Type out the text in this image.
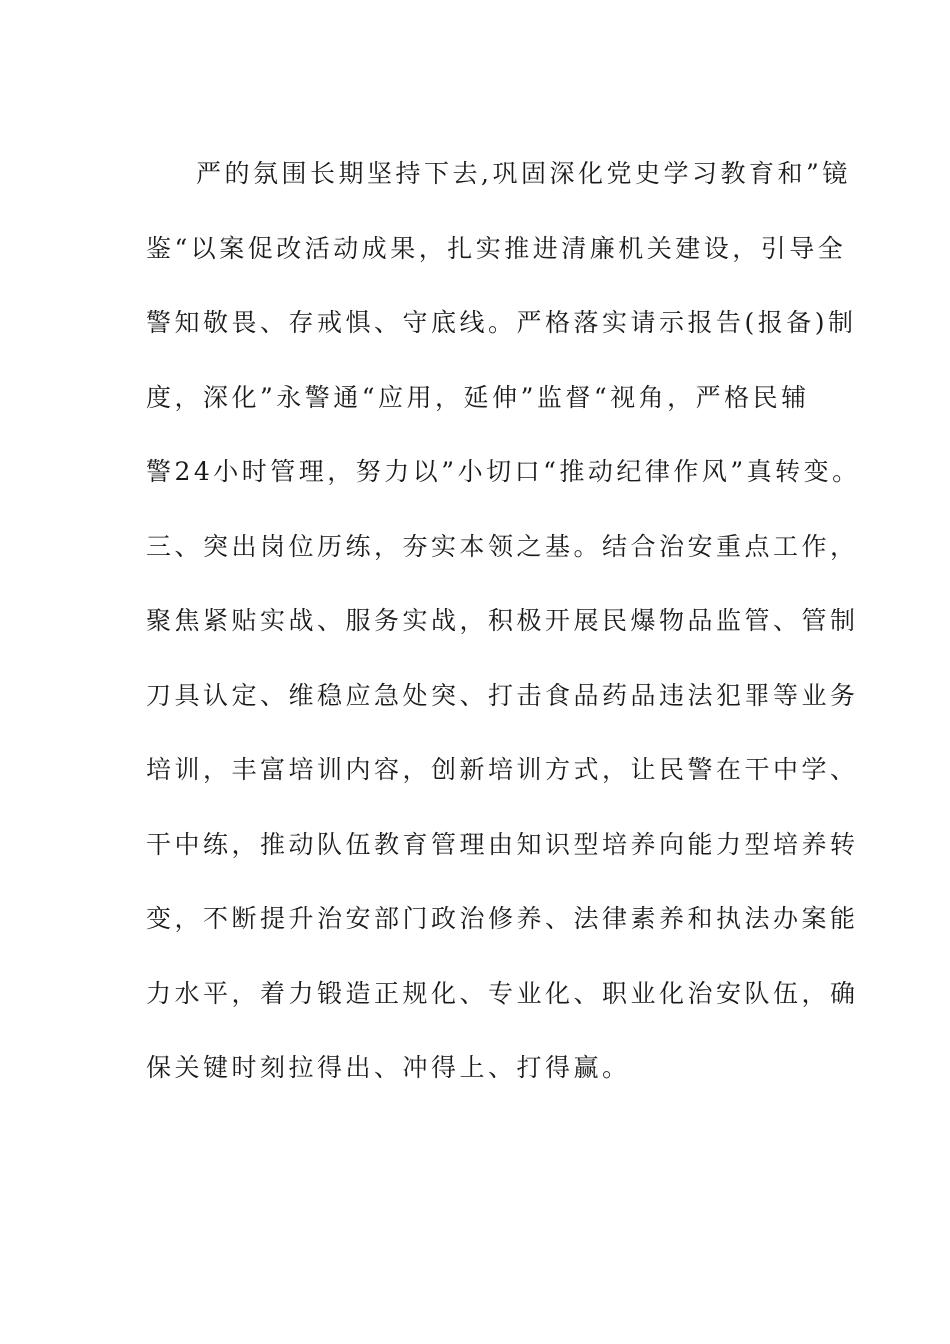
严的氛围长期坚持下去,巩固深化党史学习教育和”镜
鉴“以案促改活动成果，扎实推进清廉机关建设，引导全
警知敬畏、存戒惧、守底线。严格落实请示报告(报备)制
度，深化”永警通“应用，延伸”监督“视角，严格民辅
警24小时管理，努力以”小切口“推动纪律作风”真转变。
三、突出岗位历练，夯实本领之基。结合治安重点工作，
聚焦紧贴实战、服务实战，积极开展民爆物品监管、管制
刀具认定、维稳应急处突、打击食品药品违法犯罪等业务
培训，丰富培训内容，创新培训方式，让民警在干中学、
干中练，推动队伍教育管理由知识型培养向能力型培养转
变，不断提升治安部门政治修养、法律素养和执法办案能
力水平，着力锻造正规化、专业化、职业化治安队伍，确
保关键时刻拉得出、冲得上、打得赢。
